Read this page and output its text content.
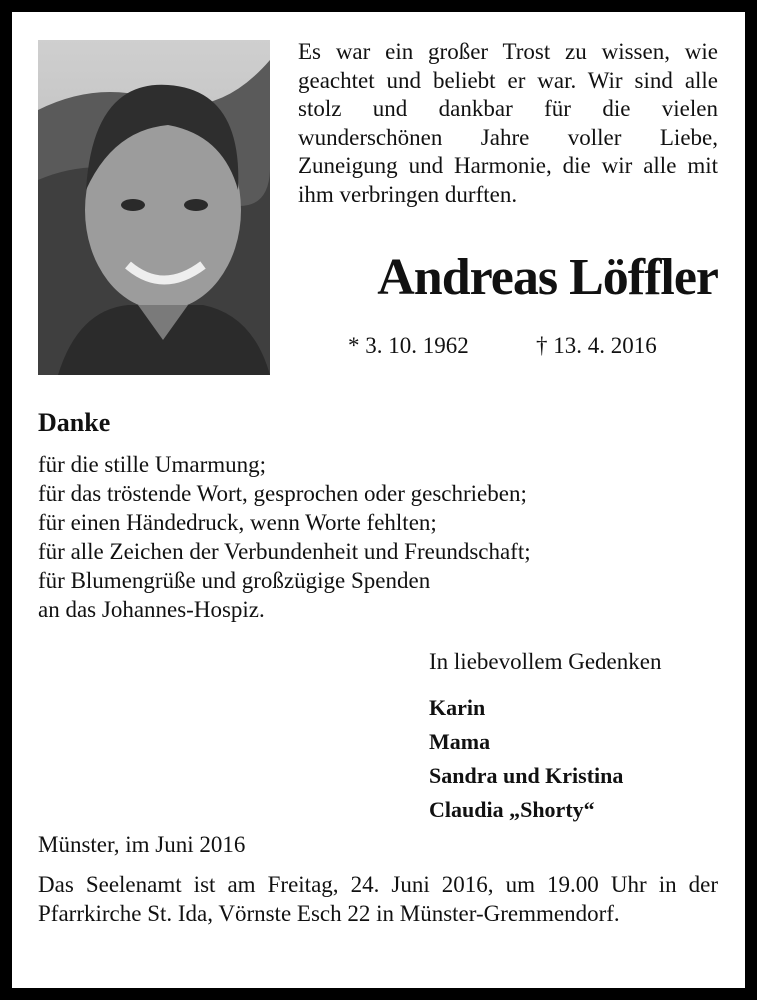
Es war ein großer Trost zu wissen, wie geachtet und beliebt er war. Wir sind alle stolz und dankbar für die vielen wunderschönen Jahre voller Liebe, Zuneigung und Harmonie, die wir alle mit ihm verbringen durften.

Andreas Löffler

* 3. 10. 1962	† 13. 4. 2016

Danke
für die stille Umarmung;
für das tröstende Wort, gesprochen oder geschrieben;
für einen Händedruck, wenn Worte fehlten;
für alle Zeichen der Verbundenheit und Freundschaft;
für Blumengrüße und großzügige Spenden
an das Johannes-Hospiz.

In liebevollem Gedenken

Karin
Mama
Sandra und Kristina
Claudia „Shorty“

Münster, im Juni 2016

Das Seelenamt ist am Freitag, 24. Juni 2016, um 19.00 Uhr in der Pfarrkirche St. Ida, Vörnste Esch 22 in Münster-Gremmendorf.
